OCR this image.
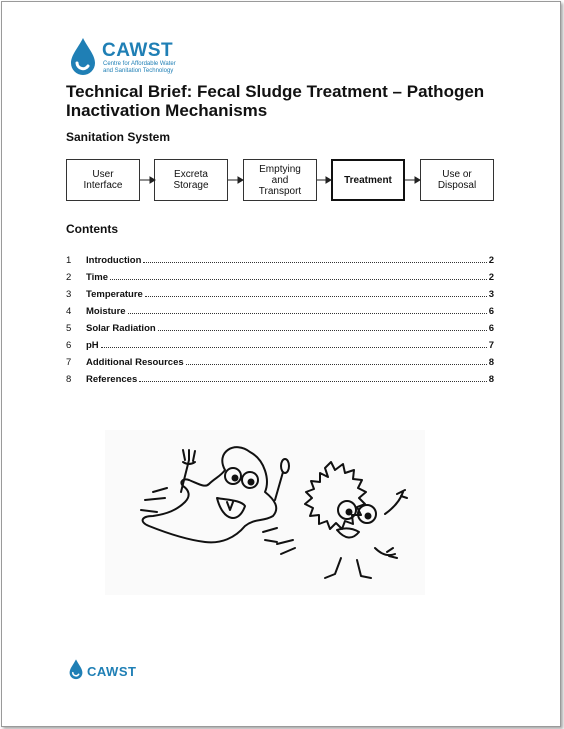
CAWST
Centre for Affordable Water
and Sanitation Technology
Technical Brief: Fecal Sludge Treatment – Pathogen
Inactivation Mechanisms
Sanitation System
User
Interface
Excreta
Storage
Emptying
and
Transport
Treatment	Use or
Disposal
Contents
1	Introduction	2
2	Time	2
3	Temperature	3
4	Moisture	6
5	Solar Radiation	6
6	pH	7
7	Additional Resources	8
8	References	8
CAWST
